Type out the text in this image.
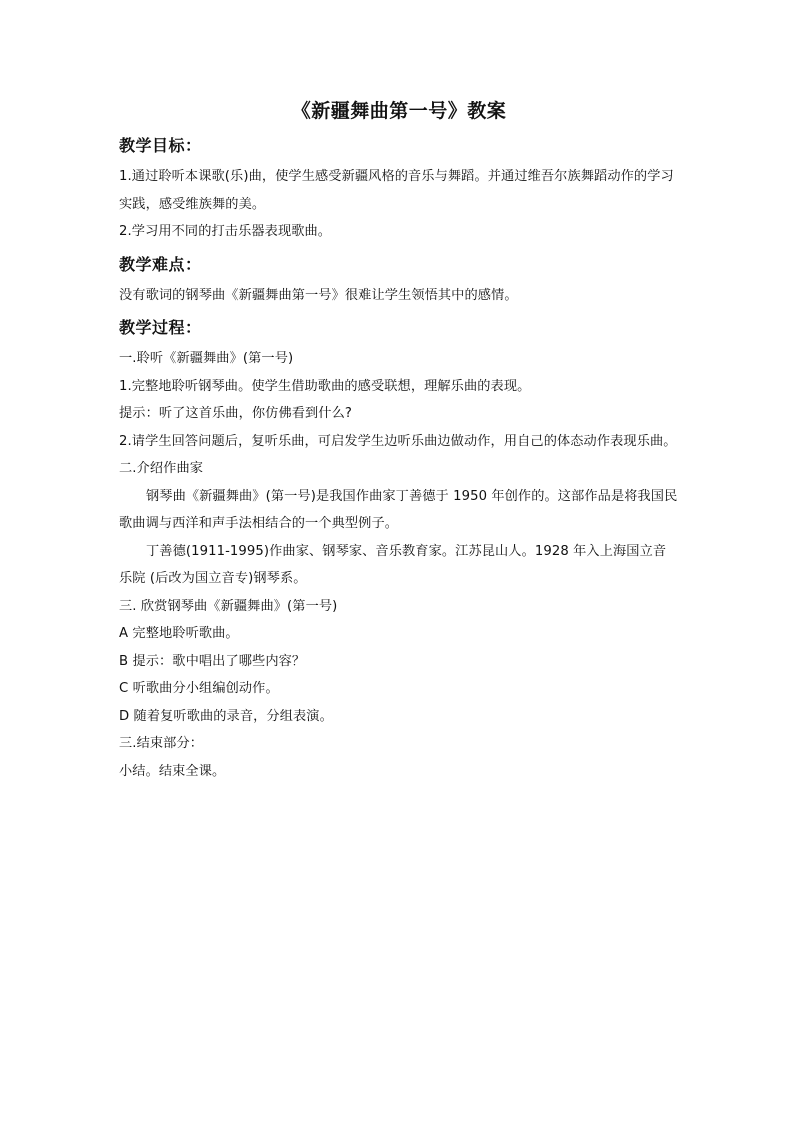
《新疆舞曲第一号》教案
教学目标：

1.通过聆听本课歌(乐)曲，使学生感受新疆风格的音乐与舞蹈。并通过维吾尔族舞蹈动作的学习实践，感受维族舞的美。

2.学习用不同的打击乐器表现歌曲。

教学难点：

没有歌词的钢琴曲《新疆舞曲第一号》很难让学生领悟其中的感情。

教学过程：

一.聆听《新疆舞曲》(第一号)

1.完整地聆听钢琴曲。使学生借助歌曲的感受联想，理解乐曲的表现。

提示：听了这首乐曲，你仿佛看到什么?

2.请学生回答问题后，复听乐曲，可启发学生边听乐曲边做动作，用自己的体态动作表现乐曲。

二.介绍作曲家

钢琴曲《新疆舞曲》(第一号)是我国作曲家丁善德于 1950 年创作的。这部作品是将我国民歌曲调与西洋和声手法相结合的一个典型例子。

丁善德(1911-1995)作曲家、钢琴家、音乐教育家。江苏昆山人。1928 年入上海国立音乐院 (后改为国立音专)钢琴系。

三. 欣赏钢琴曲《新疆舞曲》(第一号)

A 完整地聆听歌曲。

B 提示：歌中唱出了哪些内容？

C 听歌曲分小组编创动作。

D 随着复听歌曲的录音，分组表演。

三.结束部分：

小结。结束全课。
